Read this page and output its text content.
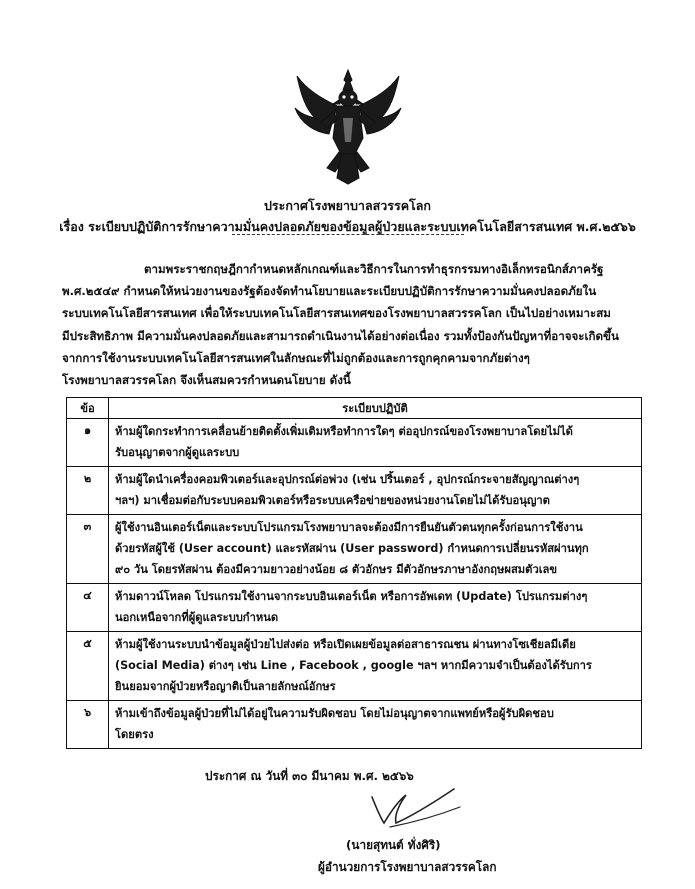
ประกาศโรงพยาบาลสวรรคโลก
เรื่อง ระเบียบปฏิบัติการรักษาความมั่นคงปลอดภัยของข้อมูลผู้ป่วยและระบบเทคโนโลยีสารสนเทศ พ.ศ.๒๕๖๖
ตามพระราชกฤษฎีกากำหนดหลักเกณฑ์และวิธีการในการทำธุรกรรมทางอิเล็กทรอนิกส์ภาครัฐ
พ.ศ.๒๕๔๙ กำหนดให้หน่วยงานของรัฐต้องจัดทำนโยบายและระเบียบปฏิบัติการรักษาความมั่นคงปลอดภัยใน
ระบบเทคโนโลยีสารสนเทศ เพื่อให้ระบบเทคโนโลยีสารสนเทศของโรงพยาบาลสวรรคโลก เป็นไปอย่างเหมาะสม
มีประสิทธิภาพ มีความมั่นคงปลอดภัยและสามารถดำเนินงานได้อย่างต่อเนื่อง รวมทั้งป้องกันปัญหาที่อาจจะเกิดขึ้น
จากการใช้งานระบบเทคโนโลยีสารสนเทศในลักษณะที่ไม่ถูกต้องและการถูกคุกคามจากภัยต่างๆ
โรงพยาบาลสวรรคโลก จึงเห็นสมควรกำหนดนโยบาย ดังนี้
ข้อ	ระเบียบปฏิบัติ
๑	ห้ามผู้ใดกระทำการเคลื่อนย้ายติดตั้งเพิ่มเติมหรือทำการใดๆ ต่ออุปกรณ์ของโรงพยาบาลโดยไม่ได้
รับอนุญาตจากผู้ดูแลระบบ

๒	ห้ามผู้ใดนำเครื่องคอมพิวเตอร์และอุปกรณ์ต่อพ่วง (เช่น ปริ้นเตอร์ , อุปกรณ์กระจายสัญญาณต่างๆ
ฯลฯ) มาเชื่อมต่อกับระบบคอมพิวเตอร์หรือระบบเครือข่ายของหน่วยงานโดยไม่ได้รับอนุญาต

๓	ผู้ใช้งานอินเตอร์เน็ตและระบบโปรแกรมโรงพยาบาลจะต้องมีการยืนยันตัวตนทุกครั้งก่อนการใช้งาน
ด้วยรหัสผู้ใช้ (User account) และรหัสผ่าน (User password) กำหนดการเปลี่ยนรหัสผ่านทุก
๙๐ วัน โดยรหัสผ่าน ต้องมีความยาวอย่างน้อย ๘ ตัวอักษร มีตัวอักษรภาษาอังกฤษผสมตัวเลข

๔	ห้ามดาวน์โหลด โปรแกรมใช้งานจากระบบอินเตอร์เน็ต หรือการอัพเดท (Update) โปรแกรมต่างๆ
นอกเหนือจากที่ผู้ดูแลระบบกำหนด

๕	ห้ามผู้ใช้งานระบบนำข้อมูลผู้ป่วยไปส่งต่อ หรือเปิดเผยข้อมูลต่อสาธารณชน ผ่านทางโซเชียลมีเดีย
(Social Media) ต่างๆ เช่น Line , Facebook , google ฯลฯ หากมีความจำเป็นต้องได้รับการ
ยินยอมจากผู้ป่วยหรือญาติเป็นลายลักษณ์อักษร

๖	ห้ามเข้าถึงข้อมูลผู้ป่วยที่ไม่ได้อยู่ในความรับผิดชอบ โดยไม่อนุญาตจากแพทย์หรือผู้รับผิดชอบ
โดยตรง
ประกาศ ณ วันที่ ๓๐ มีนาคม พ.ศ. ๒๕๖๖
(นายสุทนต์ ทั่งศิริ)
ผู้อำนวยการโรงพยาบาลสวรรคโลก
